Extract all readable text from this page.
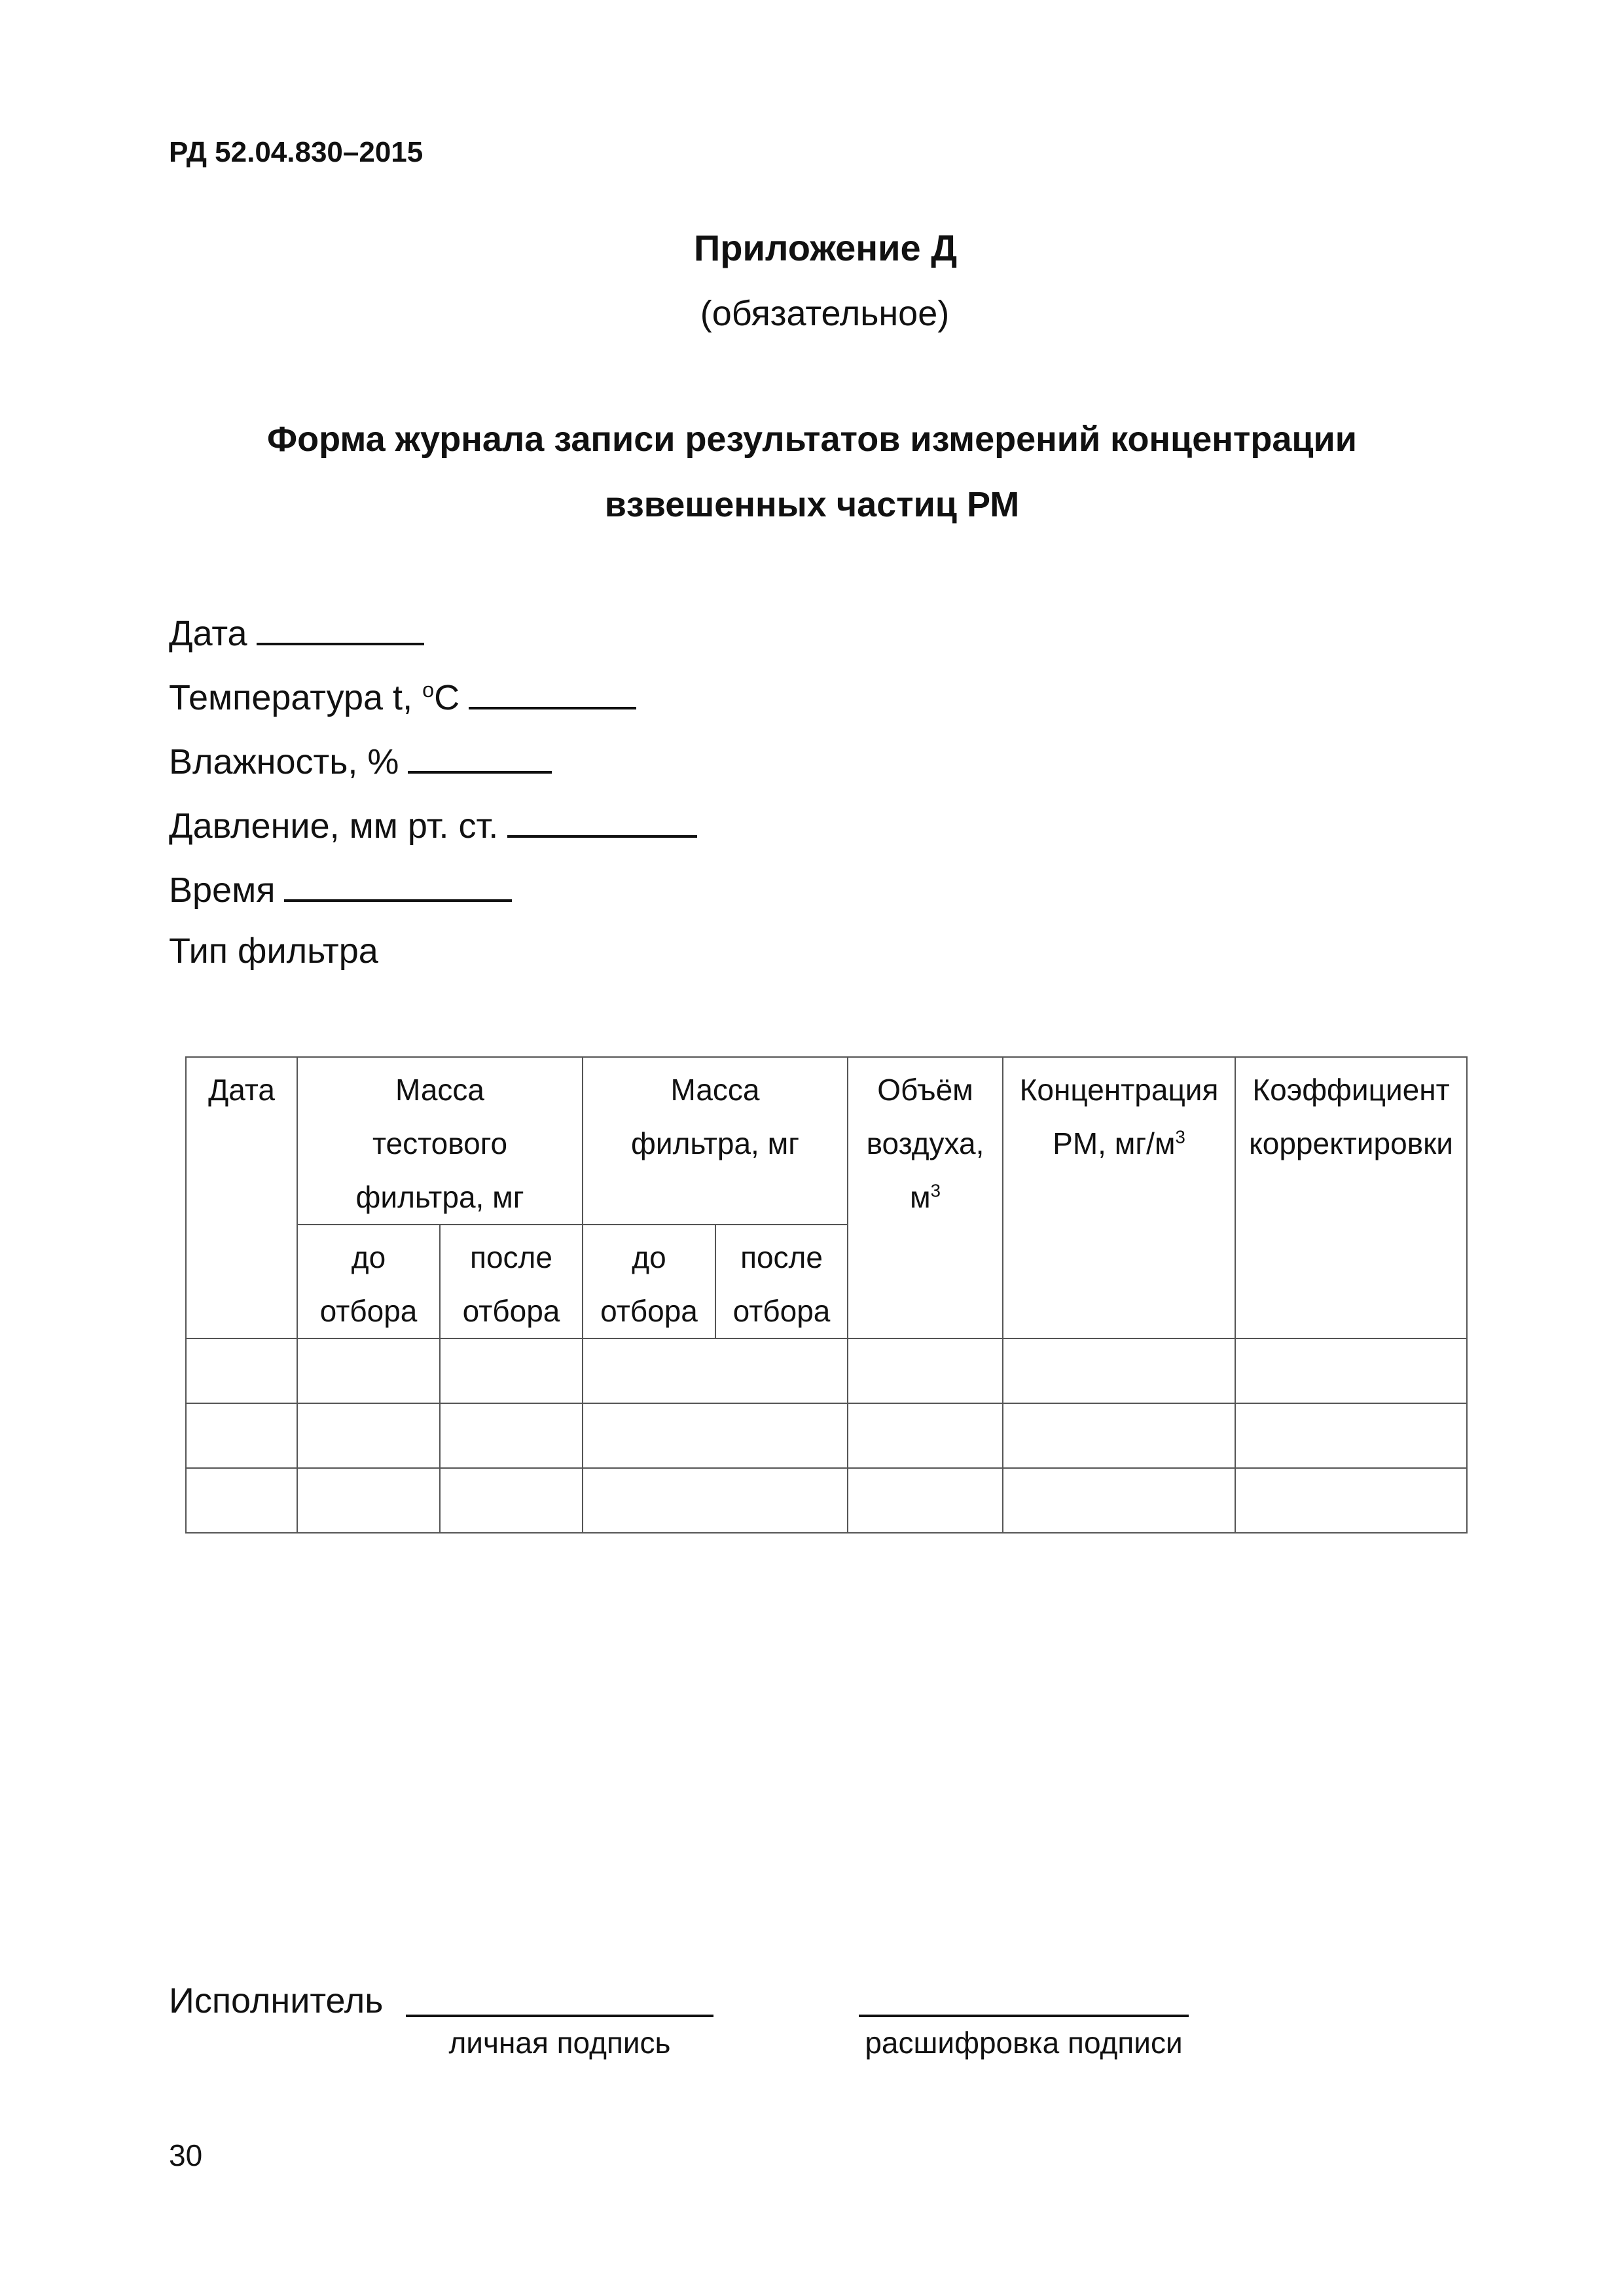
РД 52.04.830–2015
Приложение Д
(обязательное)
Форма журнала записи результатов измерений концентрации
взвешенных частиц РМ
Дата
Температура t, $^o$С
Влажность, %
Давление, мм рт. ст.
Время
Тип фильтра
Дата	Масса тестового фильтра, мг		Масса фильтра, мг		Объём воздуха, $м^3$	Концентрация PM, $мг/м^3$	Коэффициент корректировки
	до отбора	после отбора	до отбора	после отбора			

Исполнитель
личная подпись	расшифровка подписи
30
